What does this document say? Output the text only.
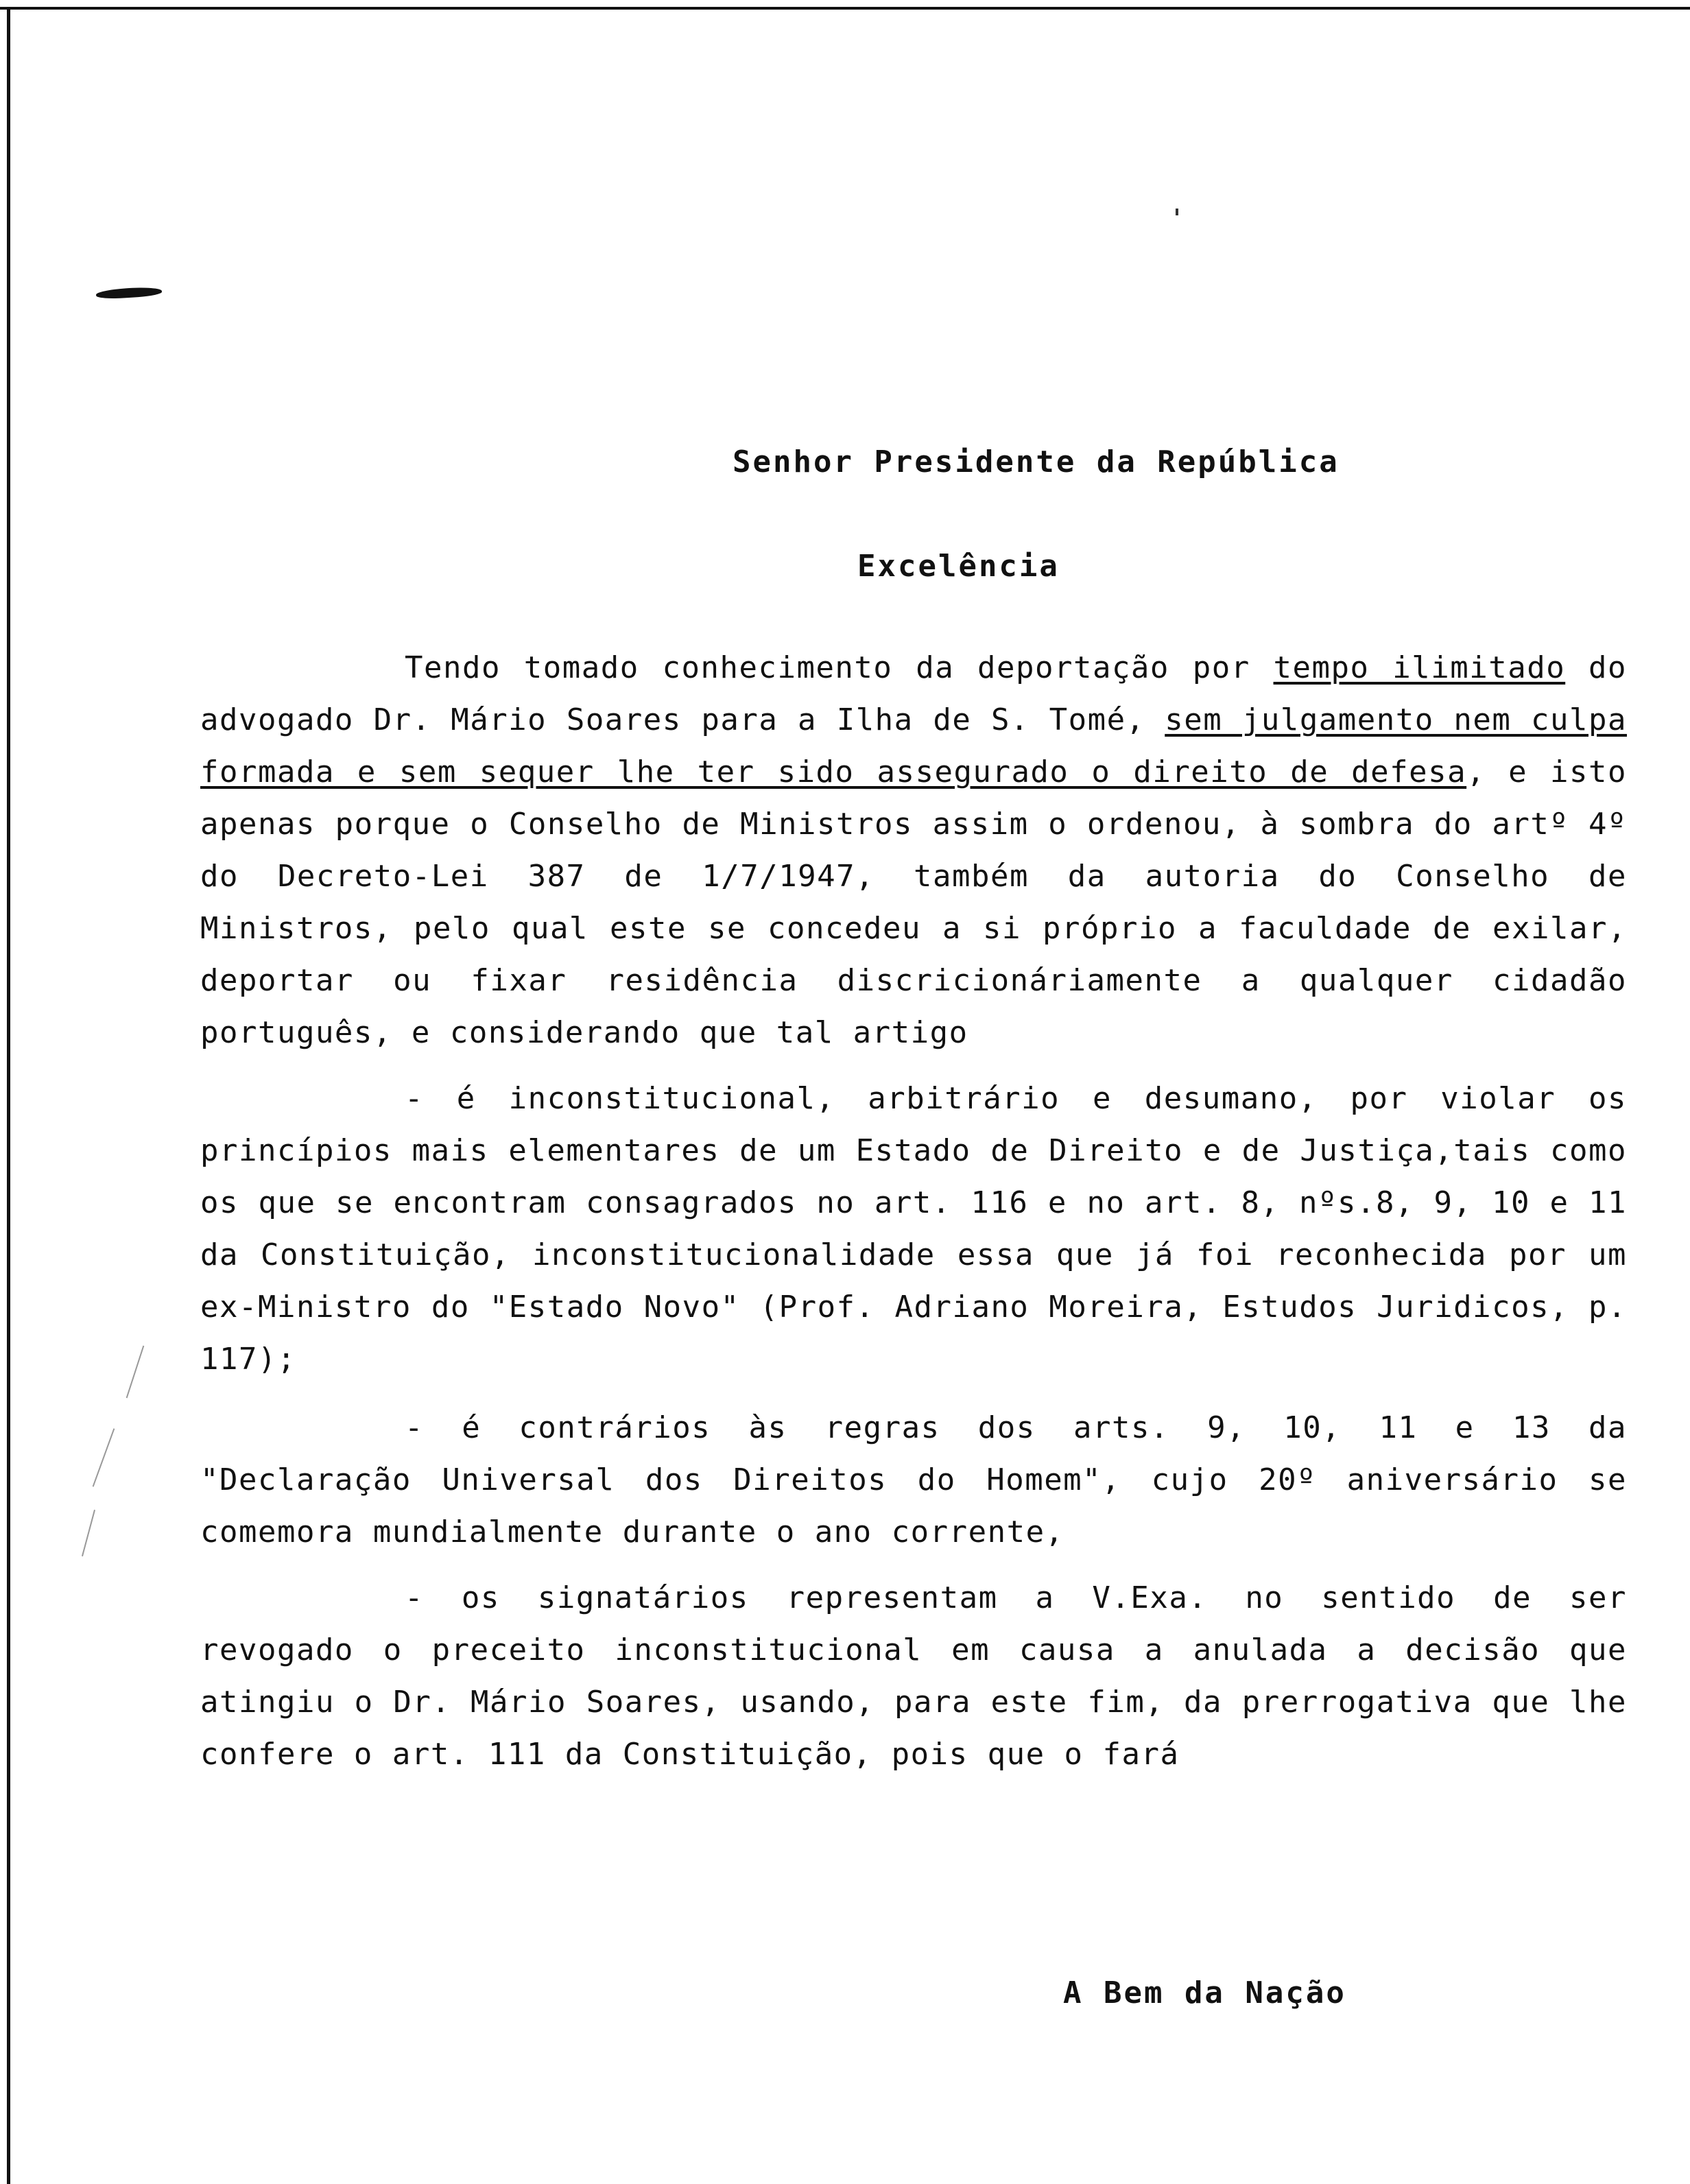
Senhor Presidente da República
Excelência

Tendo tomado conhecimento da deportação por tempo ilimitado do advogado Dr. Mário Soares para a Ilha de S. Tomé, sem julgamento nem culpa formada e sem sequer lhe ter sido assegurado o direito de defesa, e isto apenas porque o Conselho de Ministros assim o ordenou, à sombra do artº 4º do Decreto-Lei 387 de 1/7/1947, também da autoria do Conselho de Ministros, pelo qual este se concedeu a si próprio a faculdade de exilar, deportar ou fixar residência discricionáriamente a qualquer cidadão português, e considerando que tal artigo

- é inconstitucional, arbitrário e desumano, por violar os princípios mais elementares de um Estado de Direito e de Justiça,tais como os que se encontram consagrados no art. 116 e no art. 8, nºs.8, 9, 10 e 11 da Constituição, inconstitucionalidade essa que já foi reconhecida por um ex-Ministro do "Estado Novo" (Prof. Adriano Moreira, Estudos Juridicos, p. 117);

- é contrários às regras dos arts. 9, 10, 11 e 13 da "Declaração Universal dos Direitos do Homem", cujo 20º aniversário se comemora mundialmente durante o ano corrente,

- os signatários representam a V.Exa. no sentido de ser revogado o preceito inconstitucional em causa a anulada a decisão que atingiu o Dr. Mário Soares, usando, para este fim, da prerrogativa que lhe confere o art. 111 da Constituição, pois que o fará

A Bem da Nação
